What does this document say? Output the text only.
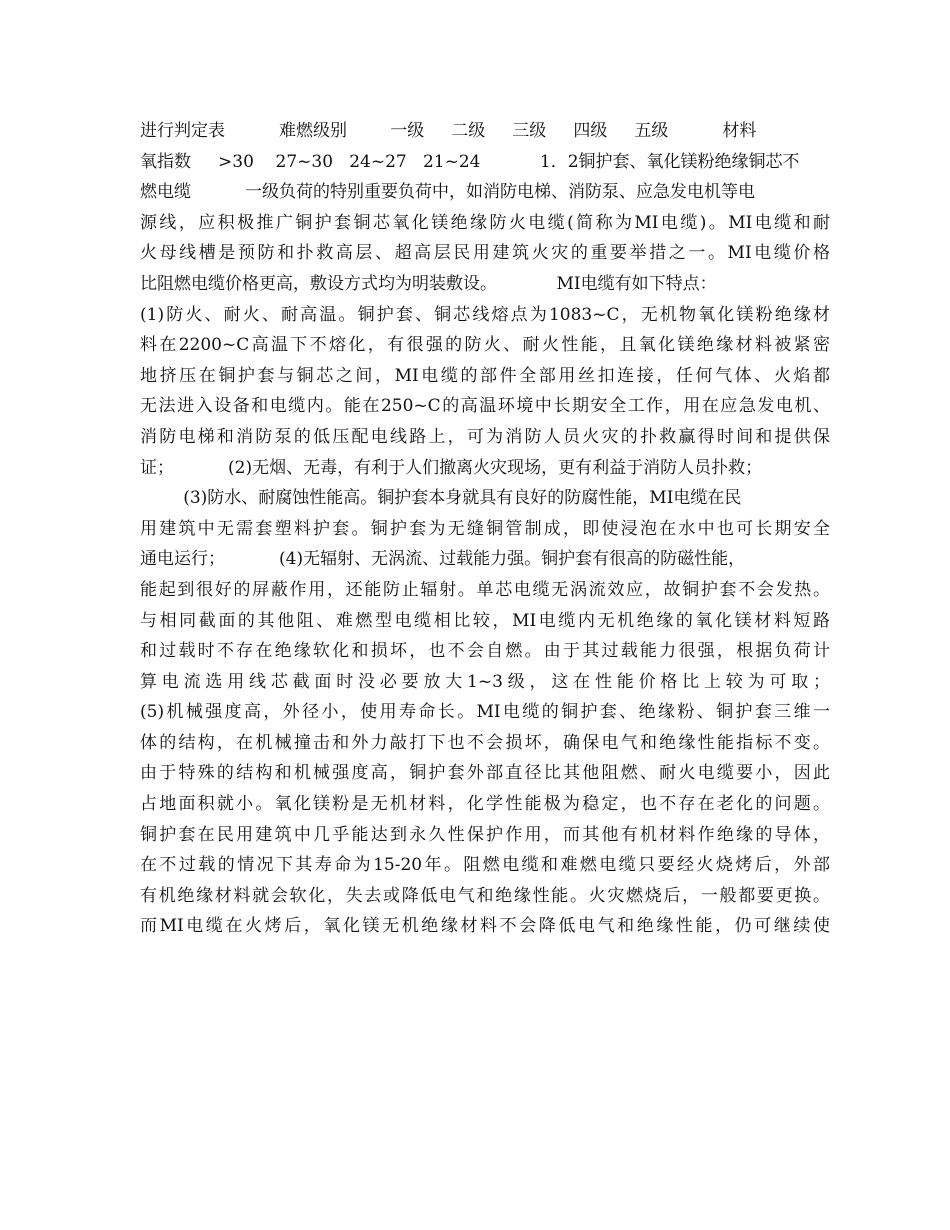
进行判定表          难燃级别        一级     二级     三级     四级     五级          材料
氧指数     >30    27~30   24~27   21~24           1．2铜护套、氧化镁粉绝缘铜芯不
燃电缆          一级负荷的特别重要负荷中，如消防电梯、消防泵、应急发电机等电
源线，应积极推广铜护套铜芯氧化镁绝缘防火电缆(简称为MI电缆)。MI电缆和耐
火母线槽是预防和扑救高层、超高层民用建筑火灾的重要举措之一。MI电缆价格
比阻燃电缆价格更高，敷设方式均为明装敷设。           MI电缆有如下特点：
(1)防火、耐火、耐高温。铜护套、铜芯线熔点为1083~C，无机物氧化镁粉绝缘材
料在2200~C高温下不熔化，有很强的防火、耐火性能，且氧化镁绝缘材料被紧密
地挤压在铜护套与铜芯之间，MI电缆的部件全部用丝扣连接，任何气体、火焰都
无法进入设备和电缆内。能在250~C的高温环境中长期安全工作，用在应急发电机、
消防电梯和消防泵的低压配电线路上，可为消防人员火灾的扑救赢得时间和提供保
证；          (2)无烟、无毒，有利于人们撤离火灾现场，更有利益于消防人员扑救；
(3)防水、耐腐蚀性能高。铜护套本身就具有良好的防腐性能，MI电缆在民
用建筑中无需套塑料护套。铜护套为无缝铜管制成，即使浸泡在水中也可长期安全
通电运行；          (4)无辐射、无涡流、过载能力强。铜护套有很高的防磁性能，
能起到很好的屏蔽作用，还能防止辐射。单芯电缆无涡流效应，故铜护套不会发热。
与相同截面的其他阻、难燃型电缆相比较，MI电缆内无机绝缘的氧化镁材料短路
和过载时不存在绝缘软化和损坏，也不会自燃。由于其过载能力很强，根据负荷计
算电流选用线芯截面时没必要放大1~3级，这在性能价格比上较为可取；
(5)机械强度高，外径小，使用寿命长。MI电缆的铜护套、绝缘粉、铜护套三维一
体的结构，在机械撞击和外力敲打下也不会损坏，确保电气和绝缘性能指标不变。
由于特殊的结构和机械强度高，铜护套外部直径比其他阻燃、耐火电缆要小，因此
占地面积就小。氧化镁粉是无机材料，化学性能极为稳定，也不存在老化的问题。
铜护套在民用建筑中几乎能达到永久性保护作用，而其他有机材料作绝缘的导体，
在不过载的情况下其寿命为15-20年。阻燃电缆和难燃电缆只要经火烧烤后，外部
有机绝缘材料就会软化，失去或降低电气和绝缘性能。火灾燃烧后，一般都要更换。
而MI电缆在火烤后，氧化镁无机绝缘材料不会降低电气和绝缘性能，仍可继续使
